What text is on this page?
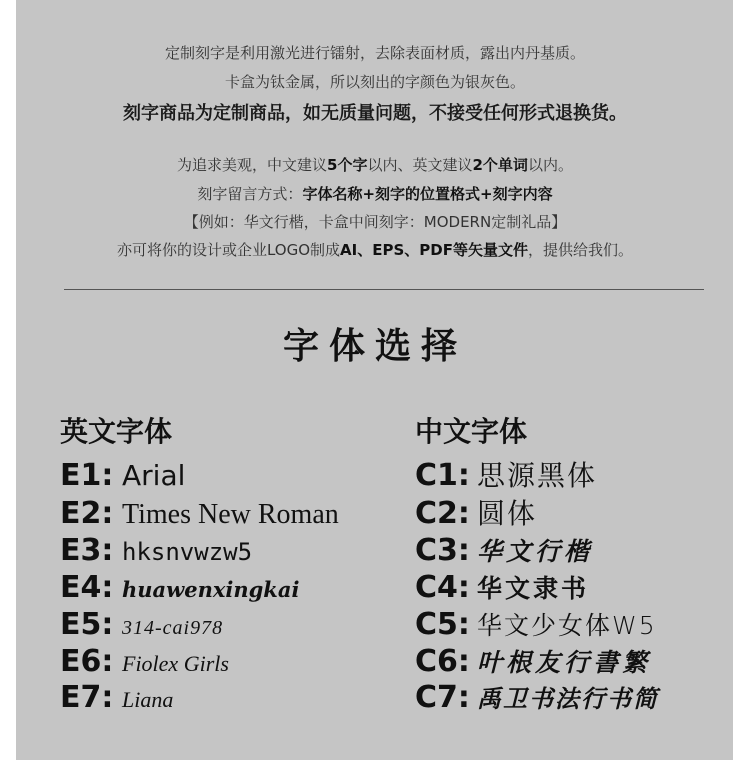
定制刻字是利用激光进行镭射，去除表面材质，露出内丹基质。
卡盒为钛金属，所以刻出的字颜色为银灰色。
刻字商品为定制商品，如无质量问题，不接受任何形式退换货。
为追求美观，中文建议5个字以内、英文建议2个单词以内。
刻字留言方式：字体名称+刻字的位置格式+刻字内容
【例如：华文行楷，卡盒中间刻字：MODERN定制礼品】
亦可将你的设计或企业LOGO制成AI、EPS、PDF等矢量文件，提供给我们。
字体选择
英文字体	中文字体
E1: Arial
E2: Times New Roman
E3: hksnvwzw5
E4: huawenxingkai
E5: 314-cai978
E6: Fiolex Girls
E7: Liana
C1: 思源黑体
C2: 圆体
C3: 华文行楷
C4: 华文隶书
C5: 华文少女体W5
C6: 叶根友行書繁
C7: 禹卫书法行书简
